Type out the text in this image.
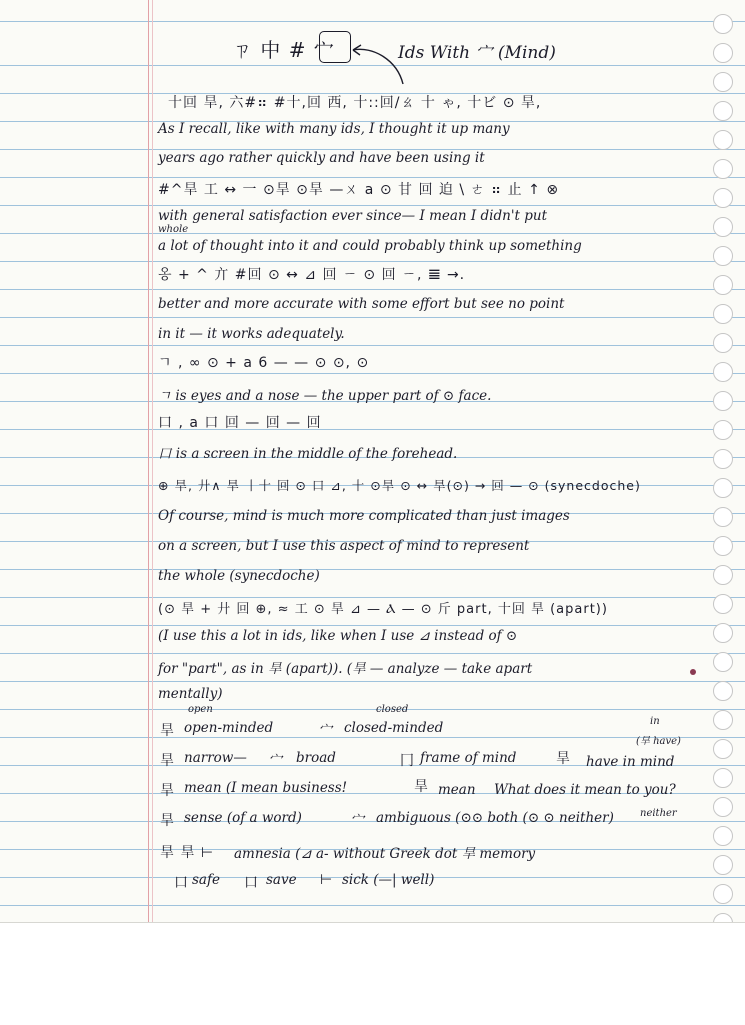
ㄗ 中 # 宀	Ids With 宀 (Mind)
十回 旱, 六#⠶ #十,回 西, 十::回/ㄠ 十 ゃ, 十ビ ⊙ 旱,
As I recall, like with many ids, I thought it up many
years ago rather quickly and have been using it
#^旱 工 ↔ 一 ⊙旱 ⊙旱 —ㄨ a ⊙ 甘 回 迫 \ ㄜ ⠶ 止 ↑ ⊗
with general satisfaction ever since— I mean I didn't put
whole
a lot of thought into it and could probably think up something
옹 + ^ 亣 #回 ⊙ ↔ ⊿ 回 ㄧ ⊙ 回 ㄧ, 𝌆 →.
better and more accurate with some effort but see no point
in it — it works adequately.
ㄱ , ∞ ⊙ + a 6 — — ⊙ ⊙, ⊙
ㄱ is eyes and a nose — the upper part of ⊙ face.
口 , a 口 回 — 回 — 回
口 is a screen in the middle of the forehead.
⊕ 旱, 廾∧ 旱 丨十 回 ⊙ 口 ⊿, 十 ⊙旱 ⊙ ↔ 旱(⊙) → 回 — ⊙ (synecdoche)
Of course, mind is much more complicated than just images
on a screen, but I use this aspect of mind to represent
the whole (synecdoche)
(⊙ 旱 + 廾 回 ⊕, ≈ 工 ⊙ 旱 ⊿ — Ⲁ — ⊙ 斤 part, 十回 旱 (apart))
(I use this a lot in ids, like when I use ⊿ instead of ⊙
for "part", as in 旱 (apart)). (旱 — analyze — take apart
mentally)
open	closed
旱 open-minded	宀 closed-minded	in
(旱 have)
旱 narrow— 宀 broad	冂 frame of mind	旱 have in mind
旱 mean (I mean business!	旱 mean What does it mean to you?
旱 sense (of a word)	宀 ambiguous (⊙⊙ both (⊙ ⊙ neither)	neither
旱 旱 ⊢ amnesia (⊿ a- without Greek dot 旱 memory
口 safe 口 save ⊢ sick (—| well)
